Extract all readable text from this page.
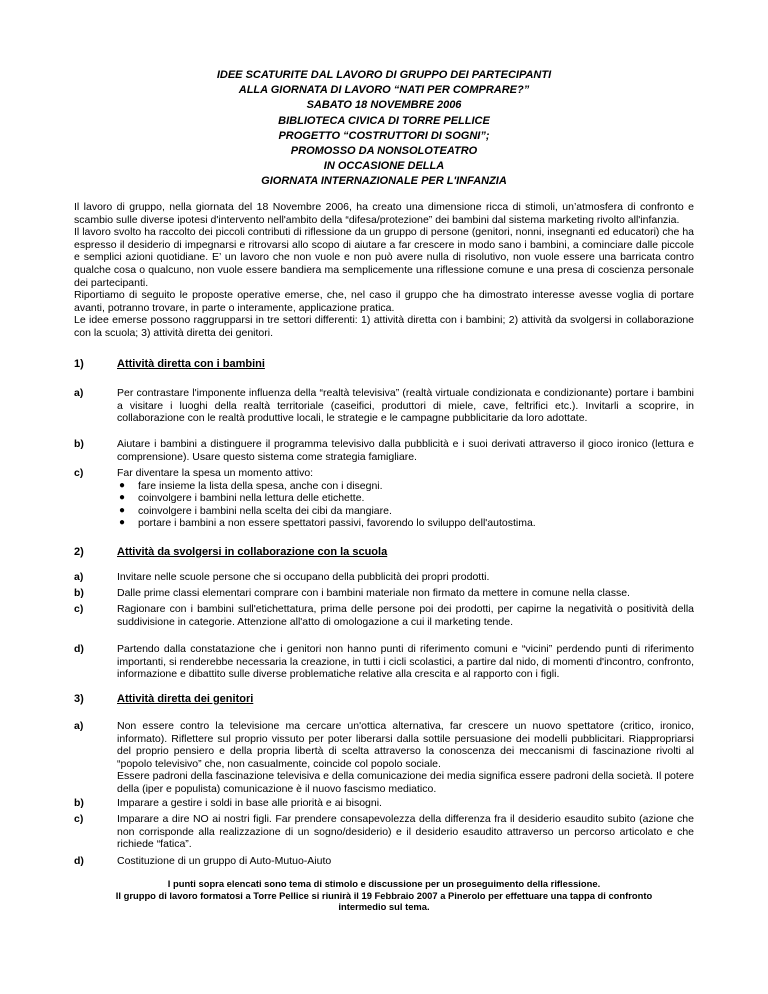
IDEE SCATURITE DAL LAVORO DI GRUPPO DEI PARTECIPANTI
ALLA GIORNATA DI LAVORO “NATI PER COMPRARE?”
SABATO 18 NOVEMBRE 2006
BIBLIOTECA CIVICA DI TORRE PELLICE
PROGETTO “COSTRUTTORI DI SOGNI”;
PROMOSSO DA NONSOLOTEATRO
IN OCCASIONE DELLA
GIORNATA INTERNAZIONALE PER L'INFANZIA

Il lavoro di gruppo, nella giornata del 18 Novembre 2006, ha creato una dimensione ricca di stimoli, un’atmosfera di confronto e scambio sulle diverse ipotesi d'intervento nell'ambito della “difesa/protezione” dei bambini dal sistema marketing rivolto all'infanzia.

Il lavoro svolto ha raccolto dei piccoli contributi di riflessione da un gruppo di persone (genitori, nonni, insegnanti ed educatori) che ha espresso il desiderio di impegnarsi e ritrovarsi allo scopo di aiutare a far crescere in modo sano i bambini, a cominciare dalle piccole e semplici azioni quotidiane. E’ un lavoro che non vuole e non può avere nulla di risolutivo, non vuole essere una barricata contro qualche cosa o qualcuno, non vuole essere bandiera ma semplicemente una riflessione comune e una presa di coscienza personale dei partecipanti.

Riportiamo di seguito le proposte operative emerse, che, nel caso il gruppo che ha dimostrato interesse avesse voglia di portare avanti, potranno trovare, in parte o interamente, applicazione pratica.

Le idee emerse possono raggrupparsi in tre settori differenti: 1) attività diretta con i bambini; 2) attività da svolgersi in collaborazione con la scuola; 3) attività diretta dei genitori.

1)	Attività diretta con i bambini
a)	Per contrastare l'imponente influenza della “realtà televisiva” (realtà virtuale condizionata e condizionante) portare i bambini a visitare i luoghi della realtà territoriale (caseifici, produttori di miele, cave, feltrifici etc.). Invitarli a scoprire, in collaborazione con le realtà produttive locali, le strategie e le campagne pubblicitarie da loro adottate.

b)	Aiutare i bambini a distinguere il programma televisivo dalla pubblicità e i suoi derivati attraverso il gioco ironico (lettura e comprensione). Usare questo sistema come strategia famigliare.

c)	Far diventare la spesa un momento attivo:

● fare insieme la lista della spesa, anche con i disegni.
● coinvolgere i bambini nella lettura delle etichette.
● coinvolgere i bambini nella scelta dei cibi da mangiare.
● portare i bambini a non essere spettatori passivi, favorendo lo sviluppo dell'autostima.
2)	Attività da svolgersi in collaborazione con la scuola
a)	Invitare nelle scuole persone che si occupano della pubblicità dei propri prodotti.

b)	Dalle prime classi elementari comprare con i bambini materiale non firmato da mettere in comune nella classe.

c)	Ragionare con i bambini sull'etichettatura, prima delle persone poi dei prodotti, per capirne la negatività o positività della suddivisione in categorie. Attenzione all'atto di omologazione a cui il marketing tende.

d)	Partendo dalla constatazione che i genitori non hanno punti di riferimento comuni e “vicini” perdendo punti di riferimento importanti, si renderebbe necessaria la creazione, in tutti i cicli scolastici, a partire dal nido, di momenti d'incontro, confronto, informazione e dibattito sulle diverse problematiche relative alla crescita e al rapporto con i figli.

3)	Attività diretta dei genitori
a)	Non essere contro la televisione ma cercare un'ottica alternativa, far crescere un nuovo spettatore (critico, ironico, informato). Riflettere sul proprio vissuto per poter liberarsi dalla sottile persuasione dei modelli pubblicitari. Riappropriarsi del proprio pensiero e della propria libertà di scelta attraverso la conoscenza dei meccanismi di fascinazione rivolti al “popolo televisivo” che, non casualmente, coincide col popolo sociale.

Essere padroni della fascinazione televisiva e della comunicazione dei media significa essere padroni della società. Il potere della (iper e populista) comunicazione è il nuovo fascismo mediatico.

b)	Imparare a gestire i soldi in base alle priorità e ai bisogni.

c)	Imparare a dire NO ai nostri figli. Far prendere consapevolezza della differenza fra il desiderio esaudito subito (azione che non corrisponde alla realizzazione di un sogno/desiderio) e il desiderio esaudito attraverso un percorso articolato e che richiede “fatica”.

d)	Costituzione di un gruppo di Auto-Mutuo-Aiuto

I punti sopra elencati sono tema di stimolo e discussione per un proseguimento della riflessione.
Il gruppo di lavoro formatosi a Torre Pellice si riunirà il 19 Febbraio 2007 a Pinerolo per effettuare una tappa di confronto
intermedio sul tema.
